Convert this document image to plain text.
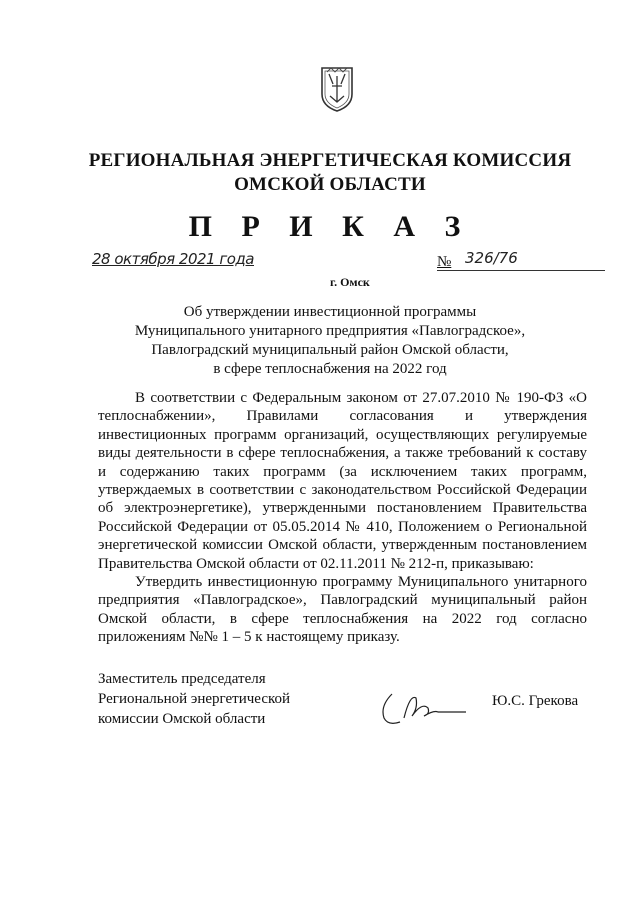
РЕГИОНАЛЬНАЯ ЭНЕРГЕТИЧЕСКАЯ КОМИССИЯ
ОМСКОЙ ОБЛАСТИ
П Р И К А З
28 октября 2021 года	№ 326/76
г. Омск
Об утверждении инвестиционной программы
Муниципального унитарного предприятия «Павлоградское»,
Павлоградский муниципальный район Омской области,
в сфере теплоснабжения на 2022 год

В соответствии с Федеральным законом от 27.07.2010 № 190-ФЗ «О теплоснабжении», Правилами согласования и утверждения инвестиционных программ организаций, осуществляющих регулируемые виды деятельности в сфере теплоснабжения, а также требований к составу и содержанию таких программ (за исключением таких программ, утверждаемых в соответствии с законодательством Российской Федерации об электроэнергетике), утвержденными постановлением Правительства Российской Федерации от 05.05.2014 № 410, Положением о Региональной энергетической комиссии Омской области, утвержденным постановлением Правительства Омской области от 02.11.2011 № 212-п, приказываю:

Утвердить инвестиционную программу Муниципального унитарного предприятия «Павлоградское», Павлоградский муниципальный район Омской области, в сфере теплоснабжения на 2022 год согласно приложениям №№ 1 – 5 к настоящему приказу.

Заместитель председателя
Региональной энергетической
комиссии Омской области
Ю.С. Грекова
